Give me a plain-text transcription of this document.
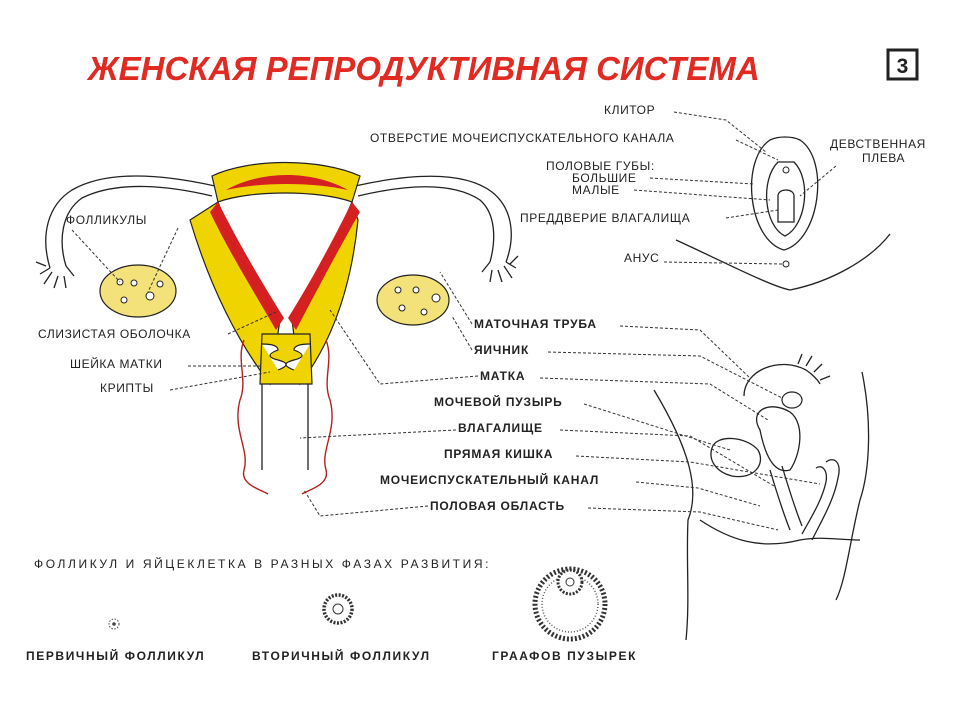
ЖЕНСКАЯ РЕПРОДУКТИВНАЯ СИСТЕМА	3
ФОЛЛИКУЛЫ
СЛИЗИСТАЯ ОБОЛОЧКА
ШЕЙКА МАТКИ
КРИПТЫ
КЛИТОР
ОТВЕРСТИЕ МОЧЕИСПУСКАТЕЛЬНОГО КАНАЛА
ПОЛОВЫЕ ГУБЫ:
БОЛЬШИЕ
МАЛЫЕ
ПРЕДДВЕРИЕ ВЛАГАЛИЩА
АНУС
ДЕВСТВЕННАЯ
ПЛЕВА
МАТОЧНАЯ ТРУБА
ЯИЧНИК
МАТКА
МОЧЕВОЙ ПУЗЫРЬ
ВЛАГАЛИЩЕ
ПРЯМАЯ КИШКА
МОЧЕИСПУСКАТЕЛЬНЫЙ КАНАЛ
ПОЛОВАЯ ОБЛАСТЬ
ФОЛЛИКУЛ И ЯЙЦЕКЛЕТКА В РАЗНЫХ ФАЗАХ РАЗВИТИЯ:
ПЕРВИЧНЫЙ ФОЛЛИКУЛ	ВТОРИЧНЫЙ ФОЛЛИКУЛ	ГРААФОВ ПУЗЫРЕК
